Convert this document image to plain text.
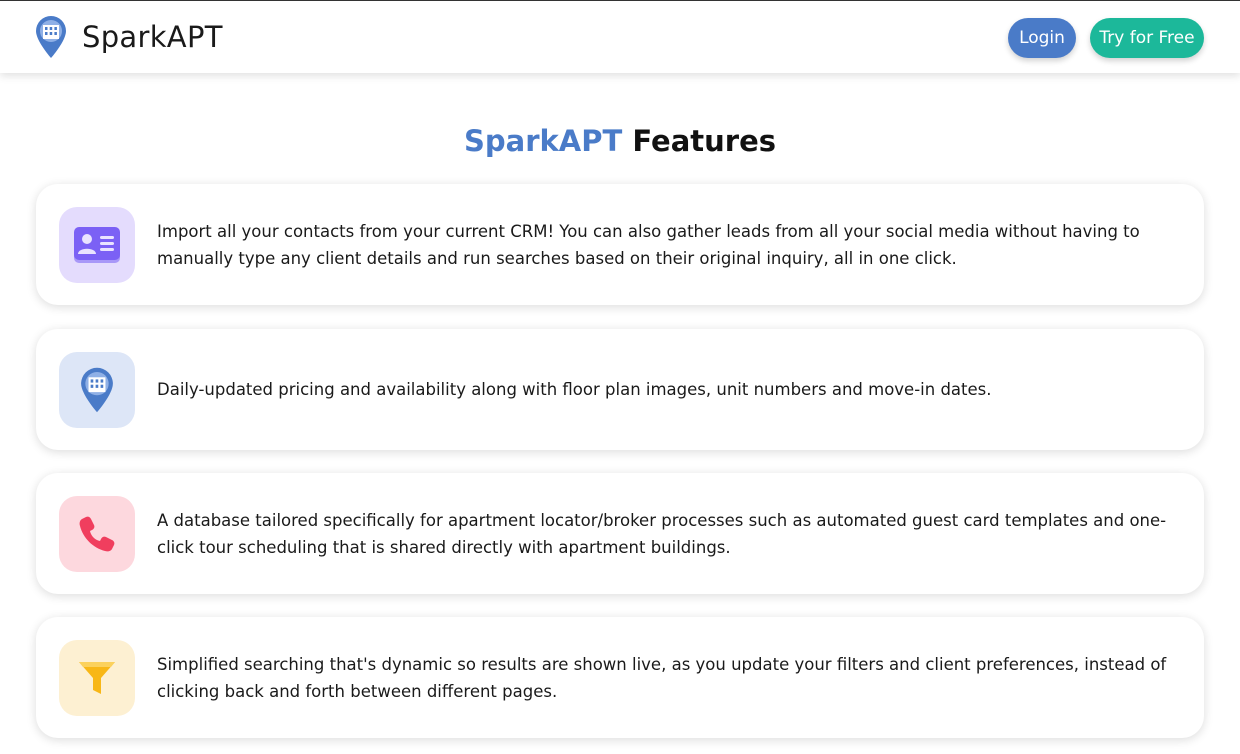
SparkAPT	Login	Try for Free
SparkAPT Features
Import all your contacts from your current CRM! You can also gather leads from all your social media without having to manually type any client details and run searches based on their original inquiry, all in one click.
Daily-updated pricing and availability along with floor plan images, unit numbers and move-in dates.
A database tailored specifically for apartment locator/broker processes such as automated guest card templates and one-click tour scheduling that is shared directly with apartment buildings.
Simplified searching that's dynamic so results are shown live, as you update your filters and client preferences, instead of clicking back and forth between different pages.
